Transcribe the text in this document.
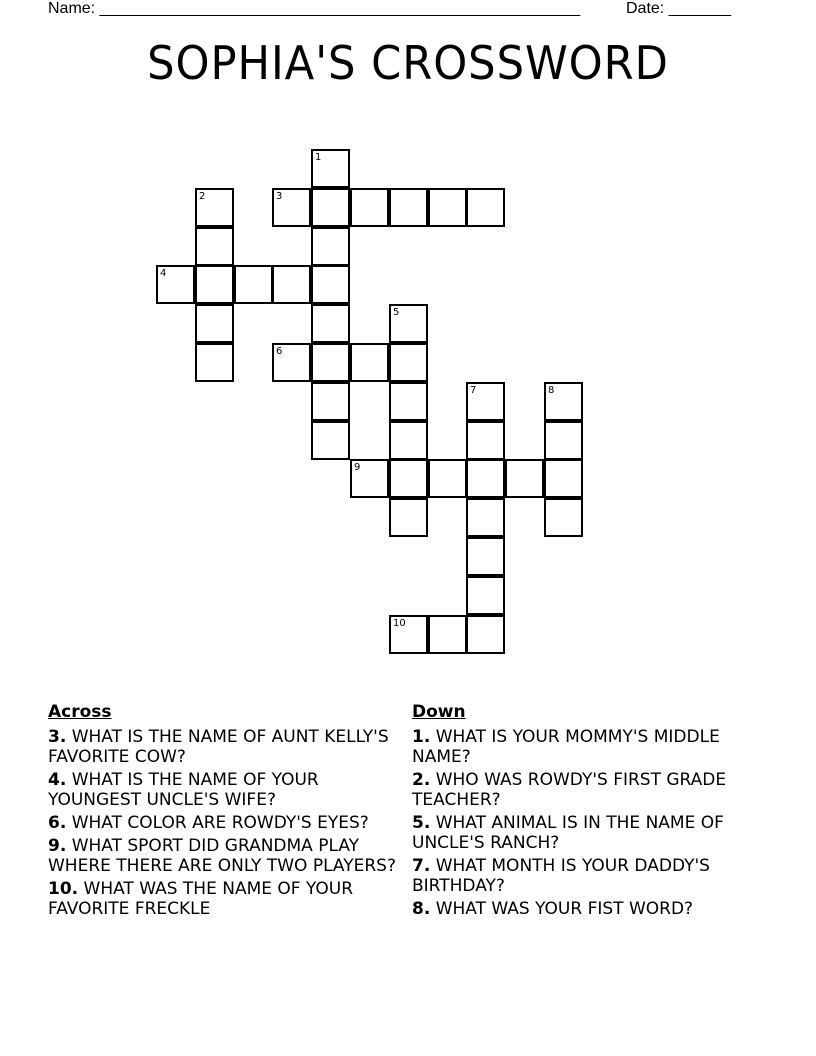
Name: ______________________________________________________	Date: _______
SOPHIA'S CROSSWORD
1
2	3
4
5
6
7	8
9
10
Across
3. WHAT IS THE NAME OF AUNT KELLY'S FAVORITE COW?
4. WHAT IS THE NAME OF YOUR YOUNGEST UNCLE'S WIFE?
6. WHAT COLOR ARE ROWDY'S EYES?
9. WHAT SPORT DID GRANDMA PLAY WHERE THERE ARE ONLY TWO PLAYERS?
10. WHAT WAS THE NAME OF YOUR FAVORITE FRECKLE
Down
1. WHAT IS YOUR MOMMY'S MIDDLE NAME?
2. WHO WAS ROWDY'S FIRST GRADE TEACHER?
5. WHAT ANIMAL IS IN THE NAME OF UNCLE'S RANCH?
7. WHAT MONTH IS YOUR DADDY'S BIRTHDAY?
8. WHAT WAS YOUR FIST WORD?
